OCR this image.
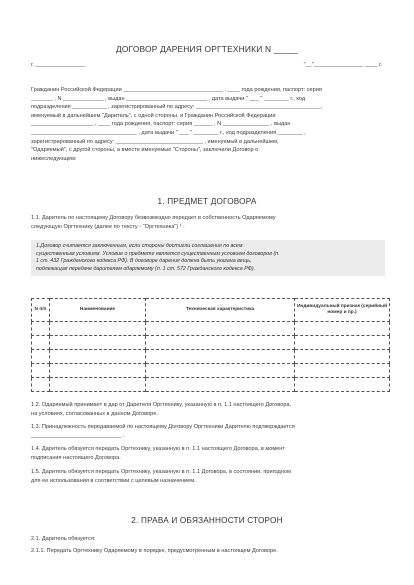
ДОГОВОР ДАРЕНИЯ ОРГТЕХНИКИ N _____
г. ________________	"__"________________ ____ г.
Гражданин Российской Федерации ________________________________ , ____ года рождения, паспорт: серия
_______ , N _____________ , выдан __________________________ , дата выдачи " ___ " ________ г., код
подразделения ___________ , зарегистрированный по адресу: ________________________________________,
именуемый в дальнейшем "Даритель", с одной стороны, и Гражданин Российской Федерации
____________________ , ____ года рождения, паспорт: серия ______ , N _______________ , выдан
__________________________________ , дата выдачи " ___ " ________ г., код подразделения ________ ,
зарегистрированный по адресу: ____________________________ , именуемый в дальнейшем,
"Одаряемый", с другой стороны, а вместе именуемые "Стороны", заключили Договор о
нижеследующем:
1. ПРЕДМЕТ ДОГОВОРА
1.1. Даритель по настоящему Договору безвозмездно передает в собственность Одаряемому
следующую Оргтехнику (далее по тексту - "Оргтехника") ¹ :
1.Договор считается заключенным, если стороны достигли соглашения по всем
существенным условиям. Условие о предмете является существенным условием договоров (п.
1 ст. 432 Гражданского кодекса РФ). В договоре дарения должна быть указана вещь,
подлежащая передаче дарителем одаряемому (п. 1 ст. 572 Гражданского кодекса РФ).
N п/п	Наименование	Техническая характеристика	Индивидуальный признак (серийный номер и пр.)

1.2. Одаряемый принимает в дар от Дарителя Оргтехнику, указанную в п. 1.1 настоящего Договора,
на условиях, согласованных в данном Договоре.
1.3. Принадлежность передаваемой по настоящему Договору Оргтехники Дарителю подтверждается
_____________________________ .
1.4. Даритель обязуется передать Оргтехнику, указанную в п. 1.1 настоящего Договора, в момент
подписания настоящего Договора.
1.5. Даритель обязуется передать Оргтехнику, указанную в п. 1.1 Договора, в состоянии, пригодном
для ее использования в соответствии с целевым назначением.
2. ПРАВА И ОБЯЗАННОСТИ СТОРОН
2.1. Даритель обязуется:
2.1.1. Передать Оргтехнику Одаряемому в порядке, предусмотренным в настоящем Договоре.
